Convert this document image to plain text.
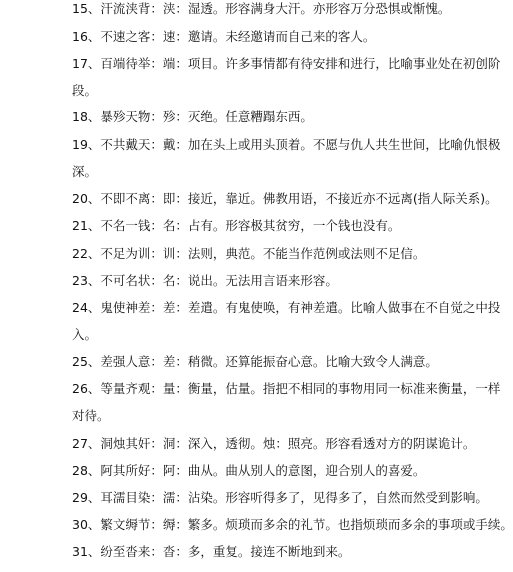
15、汗流浃背：浃：湿透。形容满身大汗。亦形容万分恐惧或惭愧。

16、不速之客：速：邀请。未经邀请而自己来的客人。

17、百端待举：端：项目。许多事情都有待安排和进行，比喻事业处在初创阶
段。

18、暴殄天物：殄：灭绝。任意糟蹋东西。

19、不共戴天：戴：加在头上或用头顶着。不愿与仇人共生世间，比喻仇恨极
深。

20、不即不离：即：接近，靠近。佛教用语，不接近亦不远离(指人际关系)。

21、不名一钱：名：占有。形容极其贫穷，一个钱也没有。

22、不足为训：训：法则，典范。不能当作范例或法则不足信。

23、不可名状：名：说出。无法用言语来形容。

24、鬼使神差：差：差遣。有鬼使唤，有神差遣。比喻人做事在不自觉之中投
入。

25、差强人意：差：稍微。还算能振奋心意。比喻大致令人满意。

26、等量齐观：量：衡量，估量。指把不相同的事物用同一标准来衡量，一样
对待。

27、洞烛其奸：洞：深入，透彻。烛：照亮。形容看透对方的阴谋诡计。

28、阿其所好：阿：曲从。曲从别人的意图，迎合别人的喜爱。

29、耳濡目染：濡：沾染。形容听得多了，见得多了，自然而然受到影响。

30、繁文缛节：缛：繁多。烦琐而多余的礼节。也指烦琐而多余的事项或手续。

31、纷至沓来：沓：多，重复。接连不断地到来。
